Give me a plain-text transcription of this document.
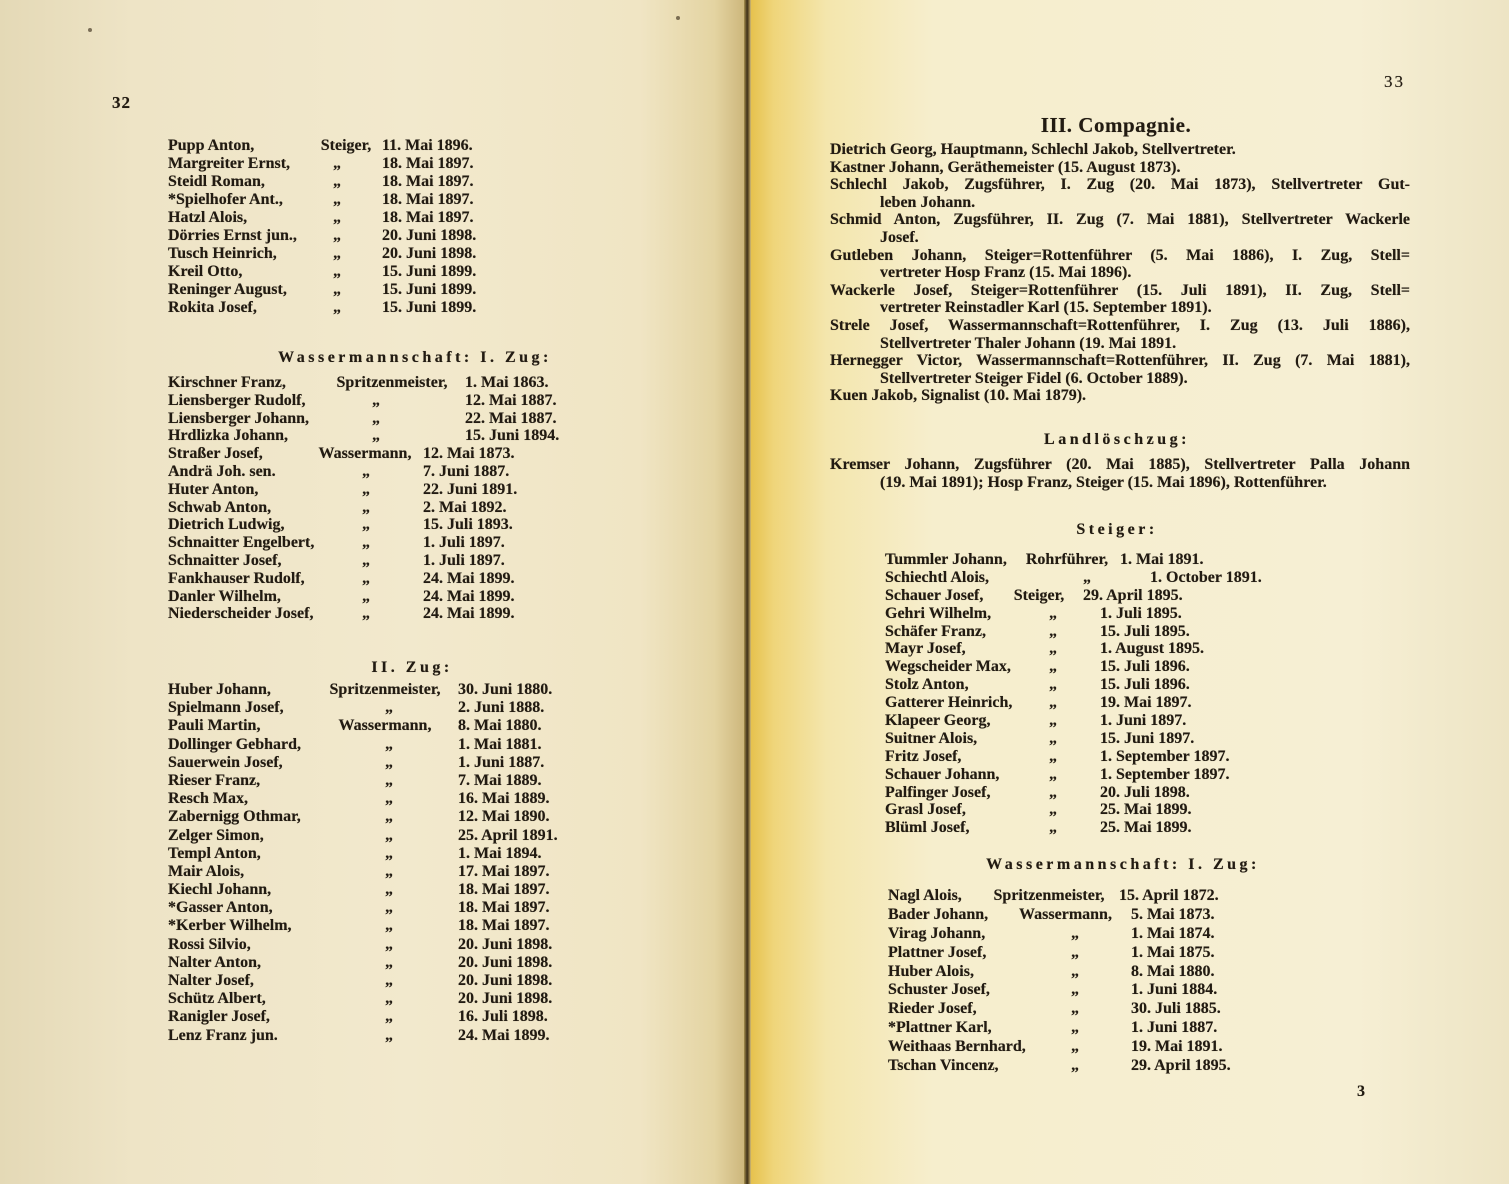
32
Pupp Anton,	Steiger, 11. Mai 1896.
Margreiter Ernst,	„	18. Mai 1897.
Steidl Roman,	„	18. Mai 1897.
*Spielhofer Ant.,	„	18. Mai 1897.
Hatzl Alois,	„	18. Mai 1897.
Dörries Ernst jun.,	„	20. Juni 1898.
Tusch Heinrich,	„	20. Juni 1898.
Kreil Otto,	„	15. Juni 1899.
Reninger August,	„	15. Juni 1899.
Rokita Josef,	„	15. Juni 1899.
Wassermannschaft: I. Zug:
Kirschner Franz,	Spritzenmeister,	1. Mai 1863.
Liensberger Rudolf,	„	12. Mai 1887.
Liensberger Johann,	„	22. Mai 1887.
Hrdlizka Johann,	„	15. Juni 1894.
Straßer Josef,	Wassermann, 12. Mai 1873.
Andrä Joh. sen.	„	7. Juni 1887.
Huter Anton,	„	22. Juni 1891.
Schwab Anton,	„	2. Mai 1892.
Dietrich Ludwig,	„	15. Juli 1893.
Schnaitter Engelbert,	„	1. Juli 1897.
Schnaitter Josef,	„	1. Juli 1897.
Fankhauser Rudolf,	„	24. Mai 1899.
Danler Wilhelm,	„	24. Mai 1899.
Niederscheider Josef,	„	24. Mai 1899.
II. Zug:
Huber Johann,	Spritzenmeister,	30. Juni 1880.
Spielmann Josef,	„	2. Juni 1888.
Pauli Martin,	Wassermann,	8. Mai 1880.
Dollinger Gebhard,	„	1. Mai 1881.
Sauerwein Josef,	„	1. Juni 1887.
Rieser Franz,	„	7. Mai 1889.
Resch Max,	„	16. Mai 1889.
Zabernigg Othmar,	„	12. Mai 1890.
Zelger Simon,	„	25. April 1891.
Templ Anton,	„	1. Mai 1894.
Mair Alois,	„	17. Mai 1897.
Kiechl Johann,	„	18. Mai 1897.
*Gasser Anton,	„	18. Mai 1897.
*Kerber Wilhelm,	„	18. Mai 1897.
Rossi Silvio,	„	20. Juni 1898.
Nalter Anton,	„	20. Juni 1898.
Nalter Josef,	„	20. Juni 1898.
Schütz Albert,	„	20. Juni 1898.
Ranigler Josef,	„	16. Juli 1898.
Lenz Franz jun.	„	24. Mai 1899.
33
III. Compagnie.
Dietrich Georg, Hauptmann, Schlechl Jakob, Stellvertreter.
Kastner Johann, Geräthemeister (15. August 1873).
Schlechl Jakob, Zugsführer, I. Zug (20. Mai 1873), Stellvertreter Gut-
leben Johann.
Schmid Anton, Zugsführer, II. Zug (7. Mai 1881), Stellvertreter Wackerle
Josef.
Gutleben Johann, Steiger=Rottenführer (5. Mai 1886), I. Zug, Stell=
vertreter Hosp Franz (15. Mai 1896).
Wackerle Josef, Steiger=Rottenführer (15. Juli 1891), II. Zug, Stell=
vertreter Reinstadler Karl (15. September 1891).
Strele Josef, Wassermannschaft=Rottenführer, I. Zug (13. Juli 1886),
Stellvertreter Thaler Johann (19. Mai 1891.
Hernegger Victor, Wassermannschaft=Rottenführer, II. Zug (7. Mai 1881),
Stellvertreter Steiger Fidel (6. October 1889).
Kuen Jakob, Signalist (10. Mai 1879).
Landlöschzug:
Kremser Johann, Zugsführer (20. Mai 1885), Stellvertreter Palla Johann
(19. Mai 1891); Hosp Franz, Steiger (15. Mai 1896), Rottenführer.
Steiger:
Tummler Johann,	Rohrführer, 1. Mai 1891.
Schiechtl Alois,	„	1. October 1891.
Schauer Josef,	Steiger,	29. April 1895.
Gehri Wilhelm,	„	1. Juli 1895.
Schäfer Franz,	„	15. Juli 1895.
Mayr Josef,	„	1. August 1895.
Wegscheider Max,	„	15. Juli 1896.
Stolz Anton,	„	15. Juli 1896.
Gatterer Heinrich,	„	19. Mai 1897.
Klapeer Georg,	„	1. Juni 1897.
Suitner Alois,	„	15. Juni 1897.
Fritz Josef,	„	1. September 1897.
Schauer Johann,	„	1. September 1897.
Palfinger Josef,	„	20. Juli 1898.
Grasl Josef,	„	25. Mai 1899.
Blüml Josef,	„	25. Mai 1899.
Wassermannschaft: I. Zug:
Nagl Alois,	Spritzenmeister, 15. April 1872.
Bader Johann,	Wassermann,	5. Mai 1873.
Virag Johann,	„	1. Mai 1874.
Plattner Josef,	„	1. Mai 1875.
Huber Alois,	„	8. Mai 1880.
Schuster Josef,	„	1. Juni 1884.
Rieder Josef,	„	30. Juli 1885.
*Plattner Karl,	„	1. Juni 1887.
Weithaas Bernhard,	„	19. Mai 1891.
Tschan Vincenz,	„	29. April 1895.
3
